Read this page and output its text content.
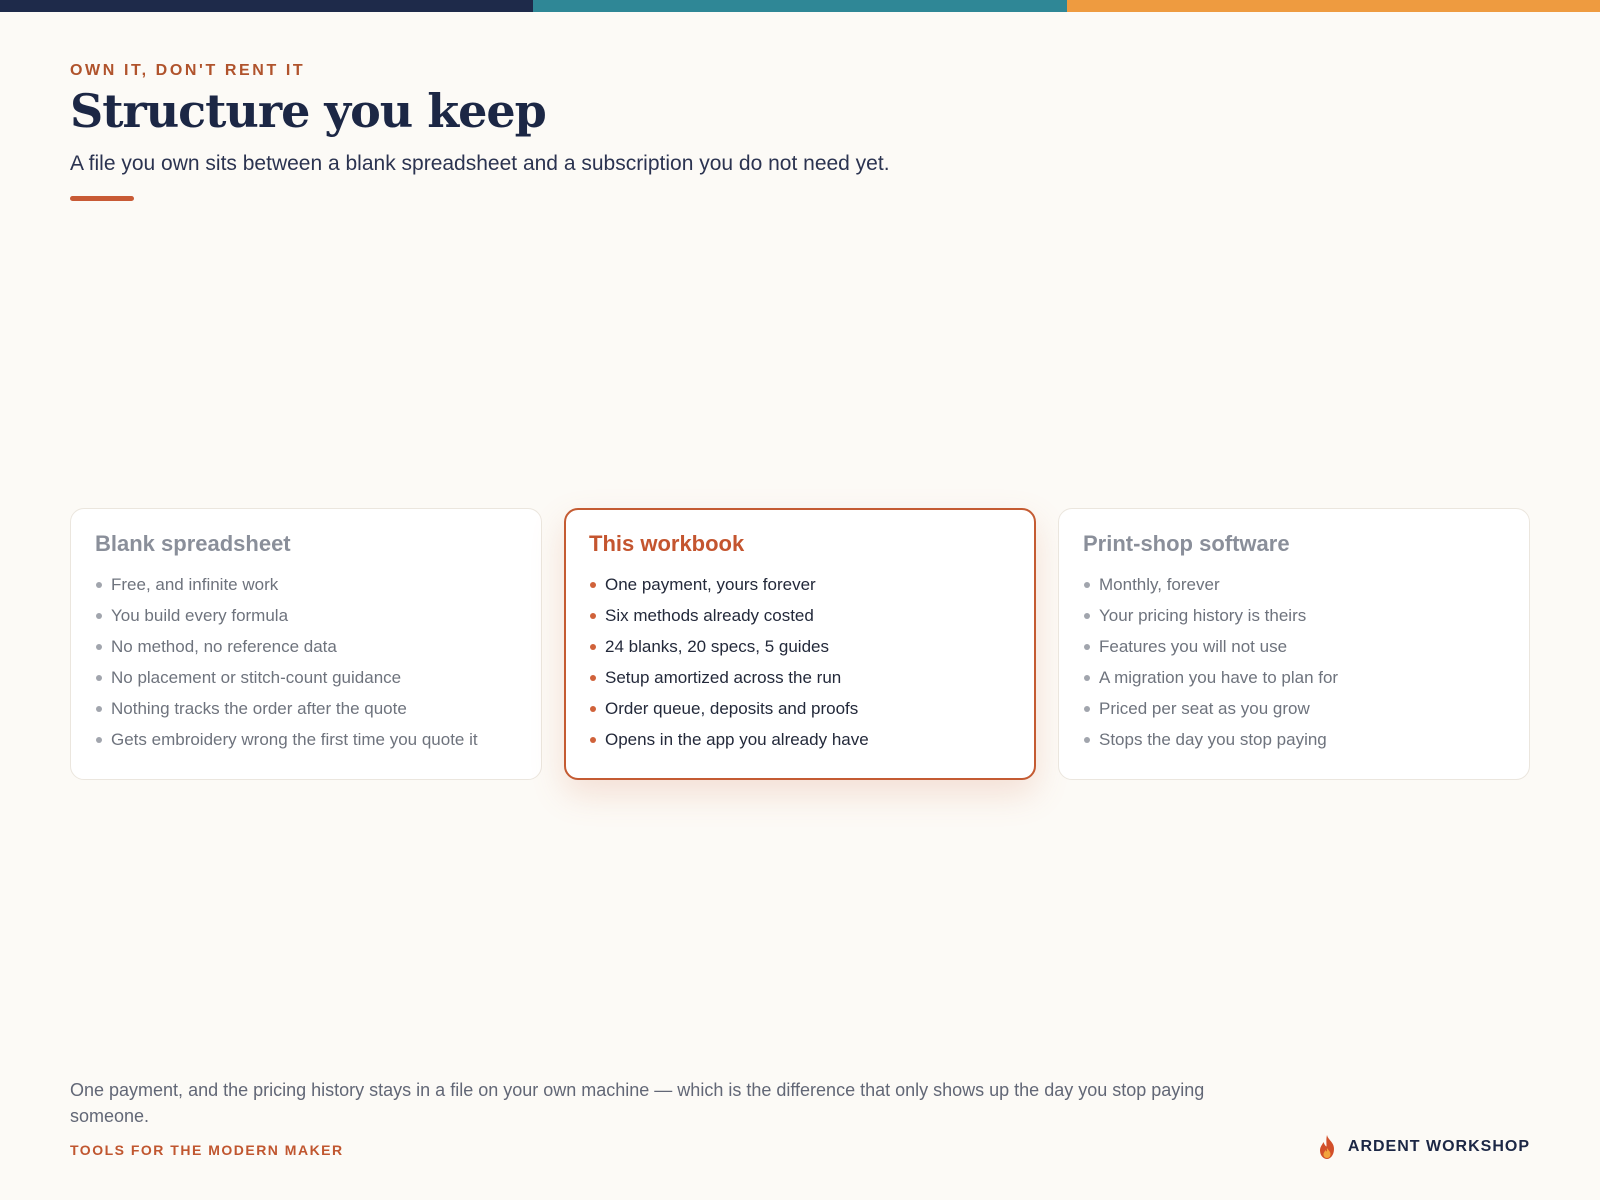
OWN IT, DON'T RENT IT
Structure you keep
A file you own sits between a blank spreadsheet and a subscription you do not need yet.
Blank spreadsheet
Free, and infinite work
You build every formula
No method, no reference data
No placement or stitch-count guidance
Nothing tracks the order after the quote
Gets embroidery wrong the first time you quote it
This workbook
One payment, yours forever
Six methods already costed
24 blanks, 20 specs, 5 guides
Setup amortized across the run
Order queue, deposits and proofs
Opens in the app you already have
Print-shop software
Monthly, forever
Your pricing history is theirs
Features you will not use
A migration you have to plan for
Priced per seat as you grow
Stops the day you stop paying
One payment, and the pricing history stays in a file on your own machine — which is the difference that only shows up the day you stop paying someone.
TOOLS FOR THE MODERN MAKER	ARDENT WORKSHOP
